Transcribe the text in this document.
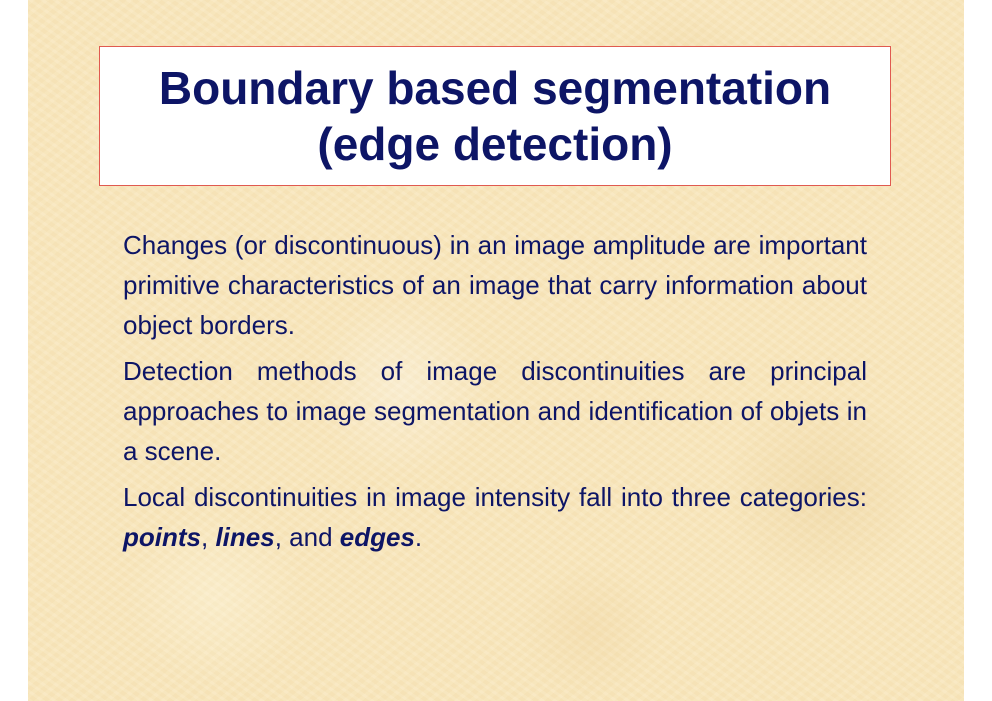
Boundary based segmentation
(edge detection)

Changes (or discontinuous) in an image amplitude are important primitive characteristics of an image that carry information about object borders.

Detection methods of image discontinuities are principal approaches to image segmentation and identification of objets in a scene.

Local discontinuities in image intensity fall into three categories: points, lines, and edges.
